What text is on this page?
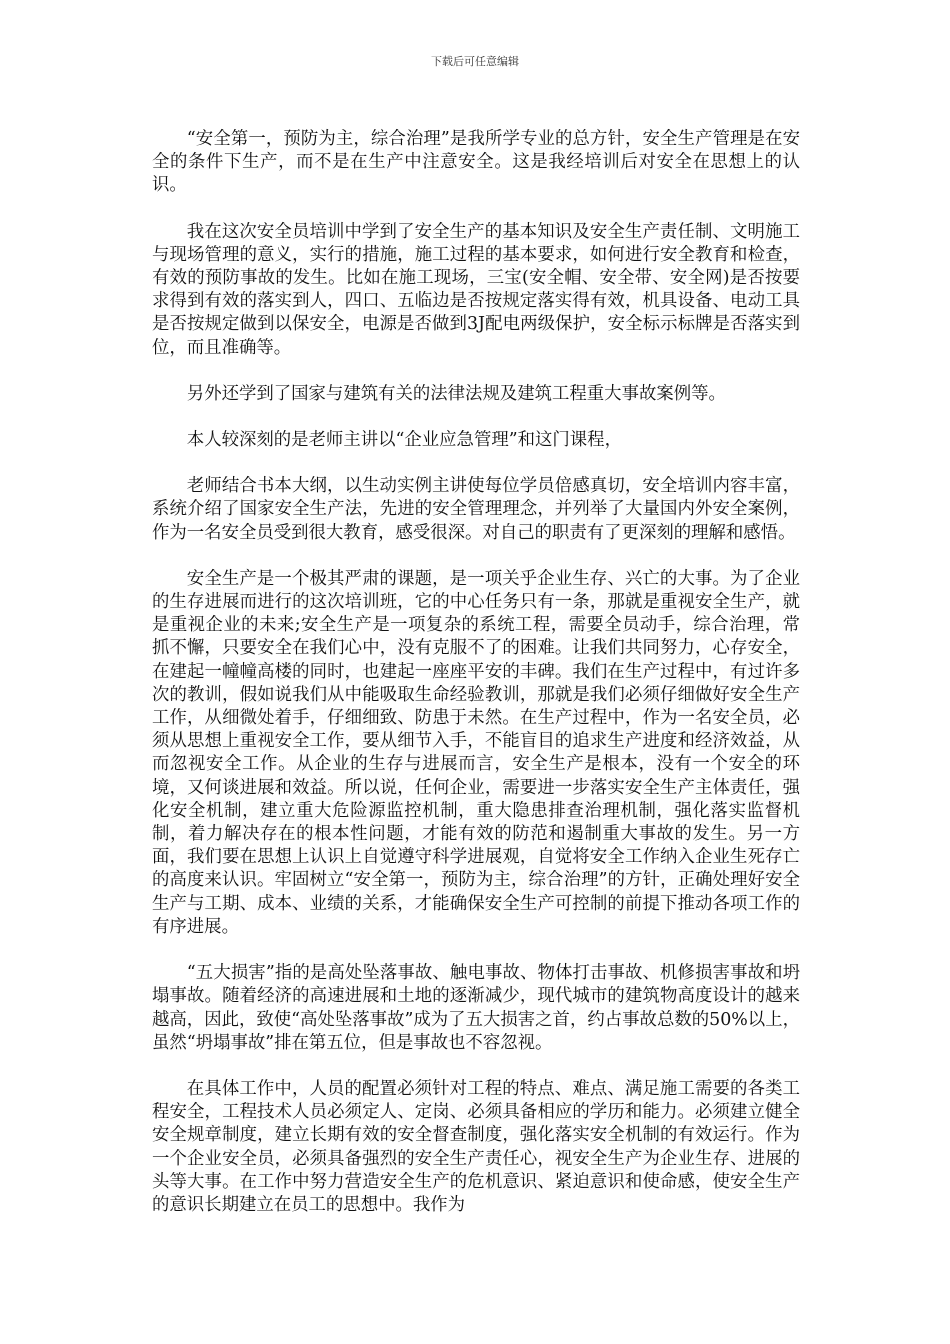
下载后可任意编辑

“安全第一，预防为主，综合治理”是我所学专业的总方针，安全生产管理是在安全的条件下生产，而不是在生产中注意安全。这是我经培训后对安全在思想上的认识。

我在这次安全员培训中学到了安全生产的基本知识及安全生产责任制、文明施工与现场管理的意义，实行的措施，施工过程的基本要求，如何进行安全教育和检查，有效的预防事故的发生。比如在施工现场，三宝(安全帽、安全带、安全网)是否按要求得到有效的落实到人，四口、五临边是否按规定落实得有效，机具设备、电动工具是否按规定做到以保安全，电源是否做到3J配电两级保护，安全标示标牌是否落实到位，而且准确等。

另外还学到了国家与建筑有关的法律法规及建筑工程重大事故案例等。

本人较深刻的是老师主讲以“企业应急管理”和这门课程，

老师结合书本大纲，以生动实例主讲使每位学员倍感真切，安全培训内容丰富，系统介绍了国家安全生产法，先进的安全管理理念，并列举了大量国内外安全案例，作为一名安全员受到很大教育，感受很深。对自己的职责有了更深刻的理解和感悟。

安全生产是一个极其严肃的课题，是一项关乎企业生存、兴亡的大事。为了企业的生存进展而进行的这次培训班，它的中心任务只有一条，那就是重视安全生产，就是重视企业的未来;安全生产是一项复杂的系统工程，需要全员动手，综合治理，常抓不懈，只要安全在我们心中，没有克服不了的困难。让我们共同努力，心存安全，在建起一幢幢高楼的同时，也建起一座座平安的丰碑。我们在生产过程中，有过许多次的教训，假如说我们从中能吸取生命经验教训，那就是我们必须仔细做好安全生产工作，从细微处着手，仔细细致、防患于未然。在生产过程中，作为一名安全员，必须从思想上重视安全工作，要从细节入手，不能盲目的追求生产进度和经济效益，从而忽视安全工作。从企业的生存与进展而言，安全生产是根本，没有一个安全的环境，又何谈进展和效益。所以说，任何企业，需要进一步落实安全生产主体责任，强化安全机制，建立重大危险源监控机制，重大隐患排查治理机制，强化落实监督机制，着力解决存在的根本性问题，才能有效的防范和遏制重大事故的发生。另一方面，我们要在思想上认识上自觉遵守科学进展观，自觉将安全工作纳入企业生死存亡的高度来认识。牢固树立“安全第一，预防为主，综合治理”的方针，正确处理好安全生产与工期、成本、业绩的关系，才能确保安全生产可控制的前提下推动各项工作的有序进展。

“五大损害”指的是高处坠落事故、触电事故、物体打击事故、机修损害事故和坍塌事故。随着经济的高速进展和土地的逐渐减少，现代城市的建筑物高度设计的越来越高，因此，致使“高处坠落事故”成为了五大损害之首，约占事故总数的50%以上，虽然“坍塌事故”排在第五位，但是事故也不容忽视。

在具体工作中，人员的配置必须针对工程的特点、难点、满足施工需要的各类工程安全，工程技术人员必须定人、定岗、必须具备相应的学历和能力。必须建立健全安全规章制度，建立长期有效的安全督查制度，强化落实安全机制的有效运行。作为一个企业安全员，必须具备强烈的安全生产责任心，视安全生产为企业生存、进展的头等大事。在工作中努力营造安全生产的危机意识、紧迫意识和使命感，使安全生产的意识长期建立在员工的思想中。我作为
